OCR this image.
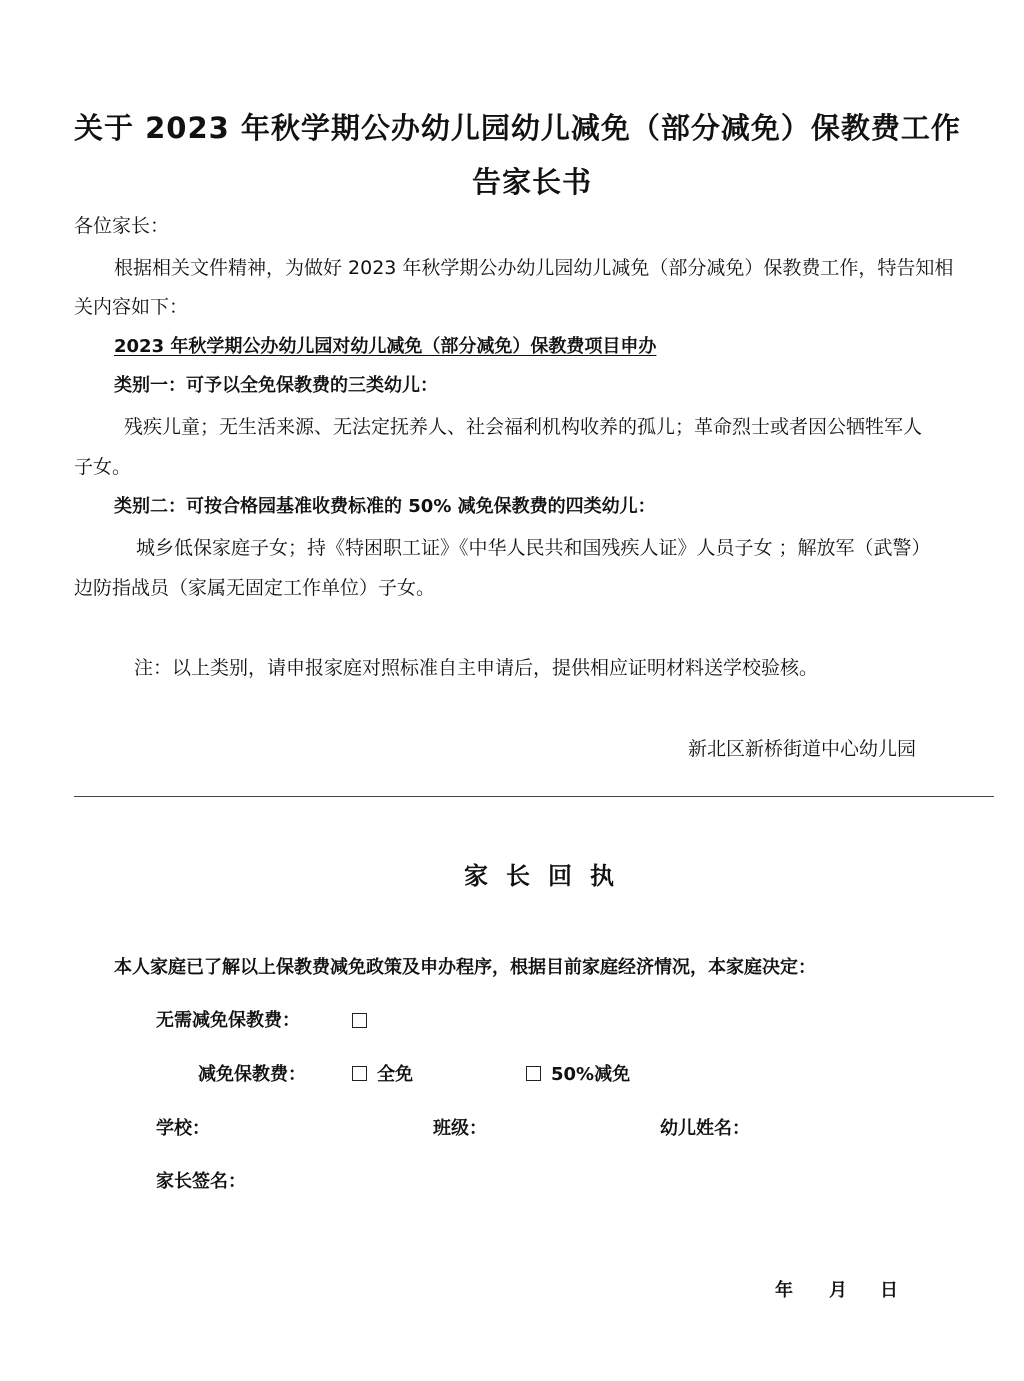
关于 2023 年秋学期公办幼儿园幼儿减免（部分减免）保教费工作
告家长书
各位家长：
根据相关文件精神，为做好 2023 年秋学期公办幼儿园幼儿减免（部分减免）保教费工作，特告知相
关内容如下：
2023 年秋学期公办幼儿园对幼儿减免（部分减免）保教费项目申办
类别一：可予以全免保教费的三类幼儿：
残疾儿童；无生活来源、无法定抚养人、社会福利机构收养的孤儿；革命烈士或者因公牺牲军人
子女。
类别二：可按合格园基准收费标准的 50% 减免保教费的四类幼儿：
城乡低保家庭子女；持《特困职工证》《中华人民共和国残疾人证》人员子女 ；解放军（武警）
边防指战员（家属无固定工作单位）子女。
注：以上类别，请申报家庭对照标准自主申请后，提供相应证明材料送学校验核。
新北区新桥街道中心幼儿园
家长回执
本人家庭已了解以上保教费减免政策及申办程序，根据目前家庭经济情况，本家庭决定：
无需减免保教费：
减免保教费：	全免	50%减免
学校：	班级：	幼儿姓名：
家长签名：
年 月 日
